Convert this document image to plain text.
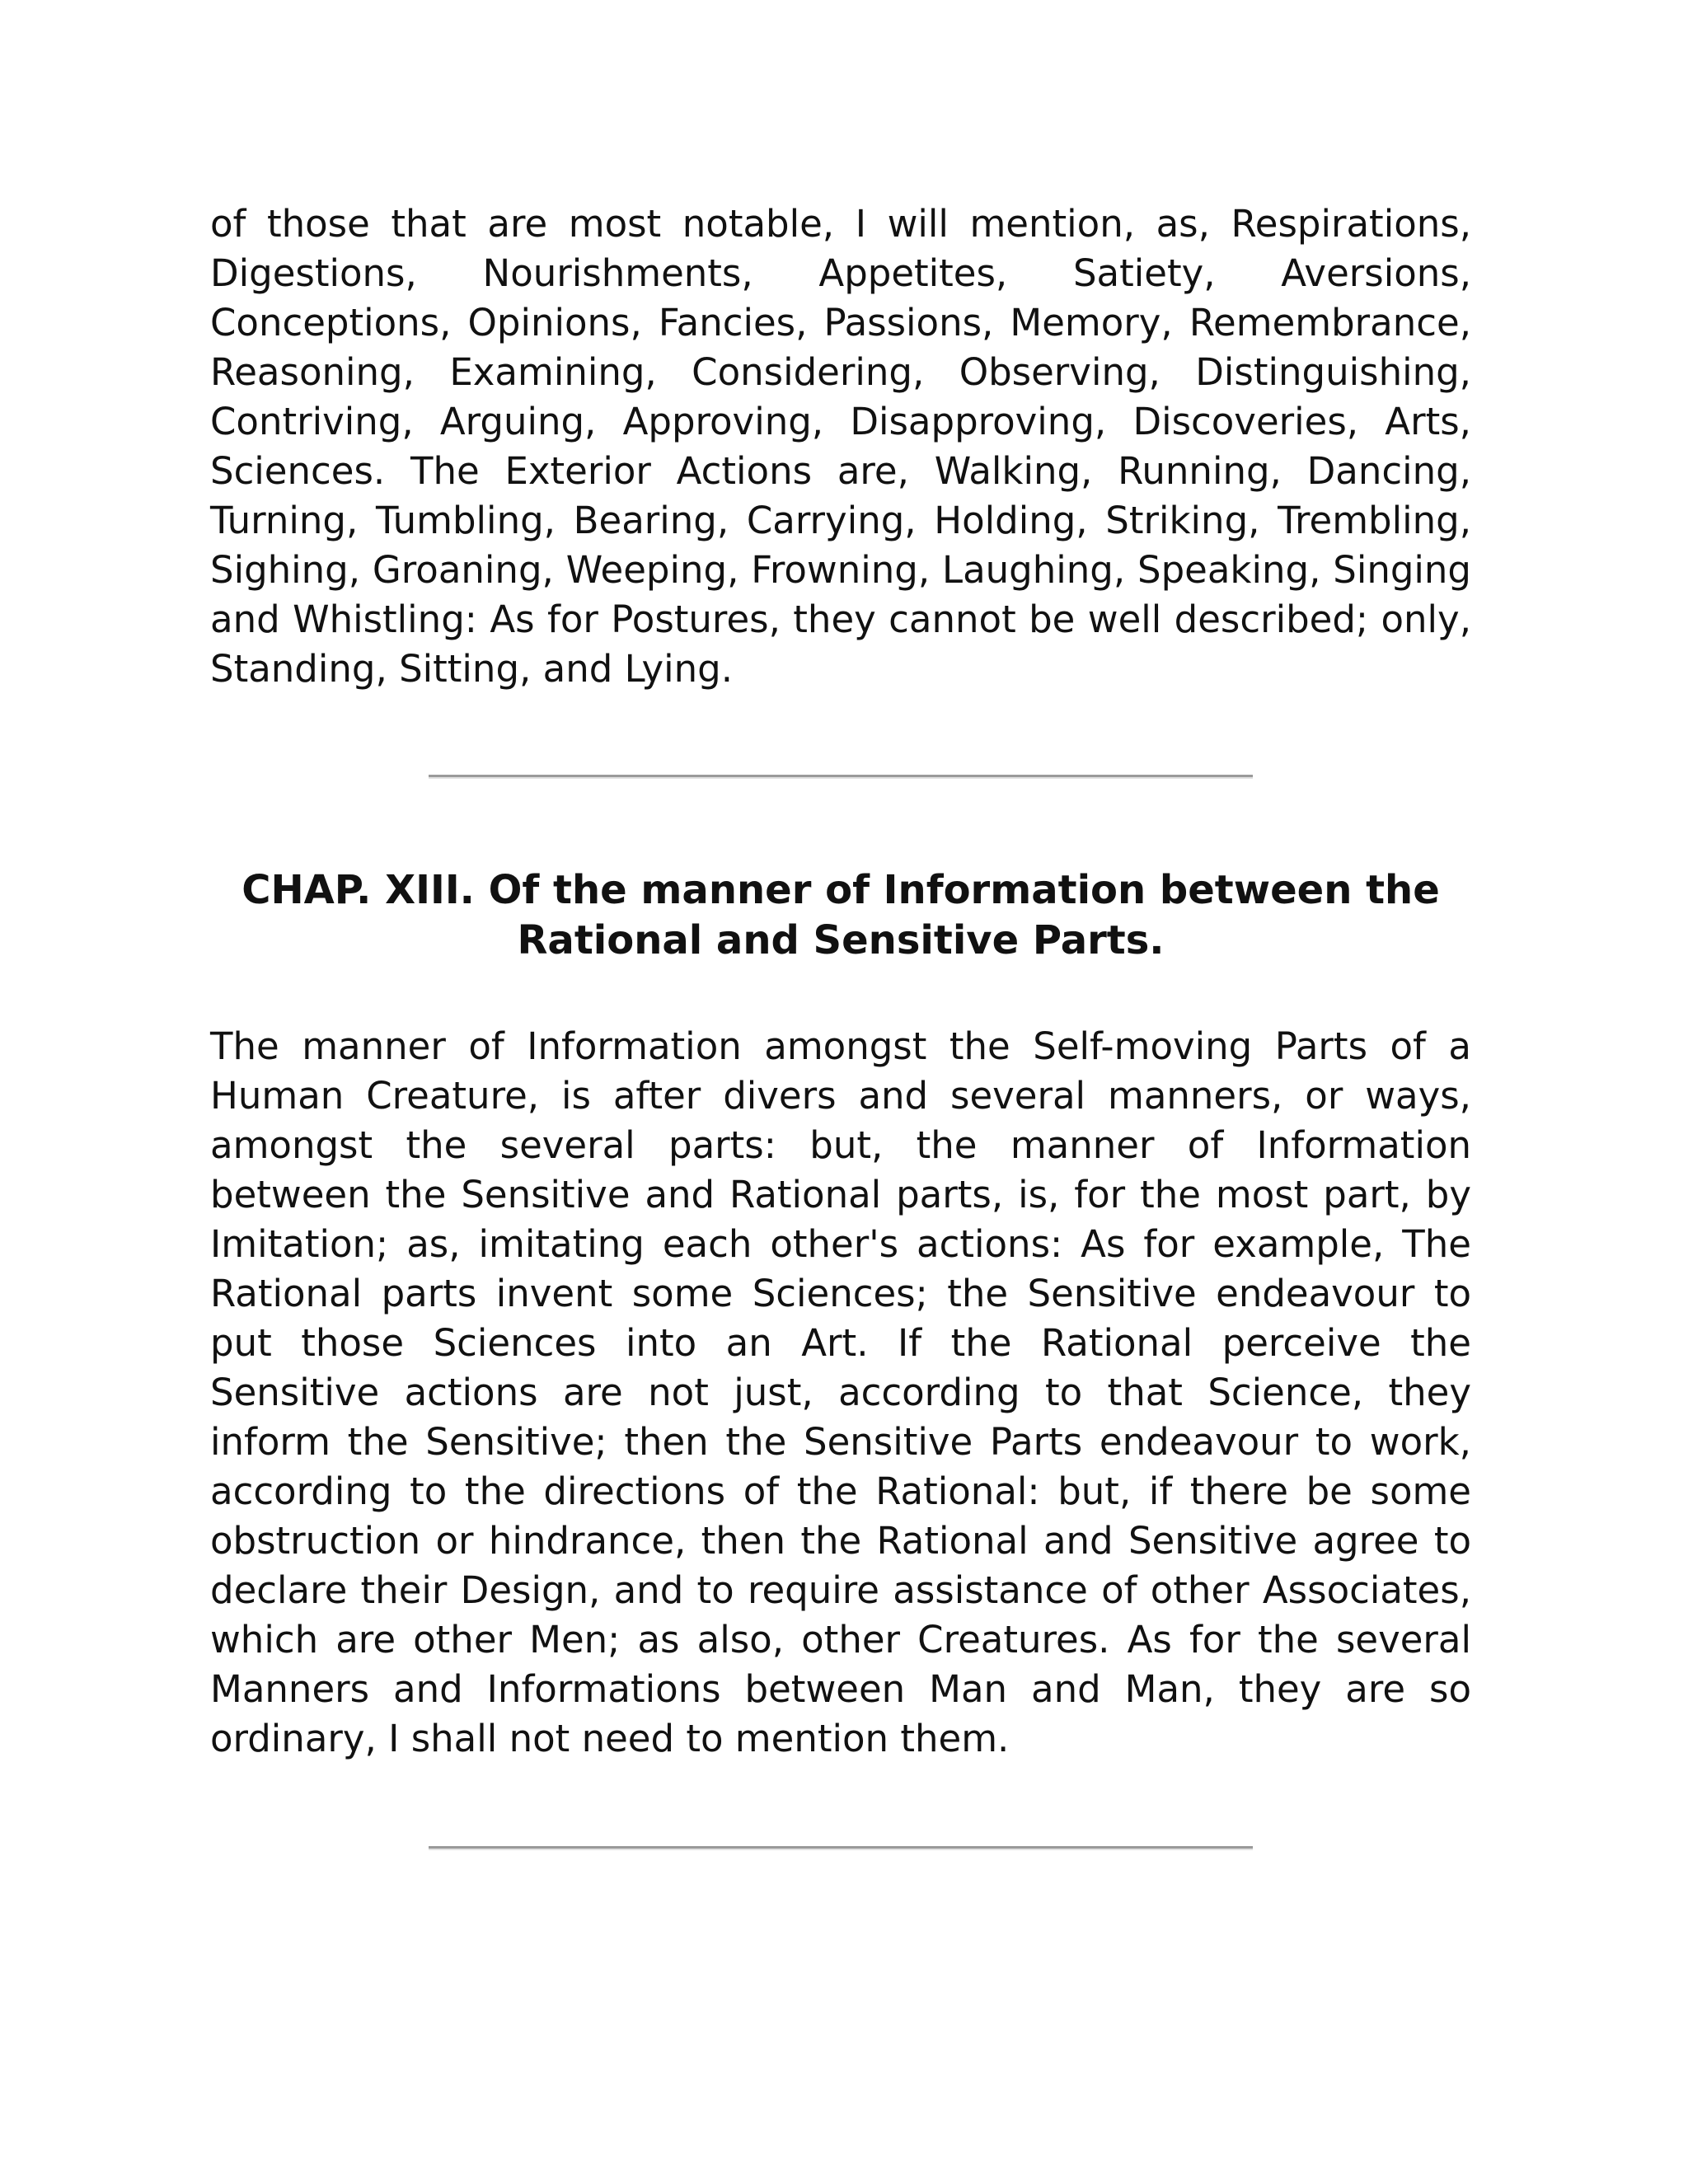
of those that are most notable, I will mention, as, Respirations, Digestions, Nourishments, Appetites, Satiety, Aversions, Conceptions, Opinions, Fancies, Passions, Memory, Remembrance, Reasoning, Examining, Considering, Observing, Distinguishing, Contriving, Arguing, Approving, Disapproving, Discoveries, Arts, Sciences. The Exterior Actions are, Walking, Running, Dancing, Turning, Tumbling, Bearing, Carrying, Holding, Striking, Trembling, Sighing, Groaning, Weeping, Frowning, Laughing, Speaking, Singing and Whistling: As for Postures, they cannot be well described; only, Standing, Sitting, and Lying.

CHAP. XIII. Of the manner of Information between the Rational and Sensitive Parts.

The manner of Information amongst the Self-moving Parts of a Human Creature, is after divers and several manners, or ways, amongst the several parts: but, the manner of Information between the Sensitive and Rational parts, is, for the most part, by Imitation; as, imitating each other's actions: As for example, The Rational parts invent some Sciences; the Sensitive endeavour to put those Sciences into an Art. If the Rational perceive the Sensitive actions are not just, according to that Science, they inform the Sensitive; then the Sensitive Parts endeavour to work, according to the directions of the Rational: but, if there be some obstruction or hindrance, then the Rational and Sensitive agree to declare their Design, and to require assistance of other Associates, which are other Men; as also, other Creatures. As for the several Manners and Informations between Man and Man, they are so ordinary, I shall not need to mention them.
